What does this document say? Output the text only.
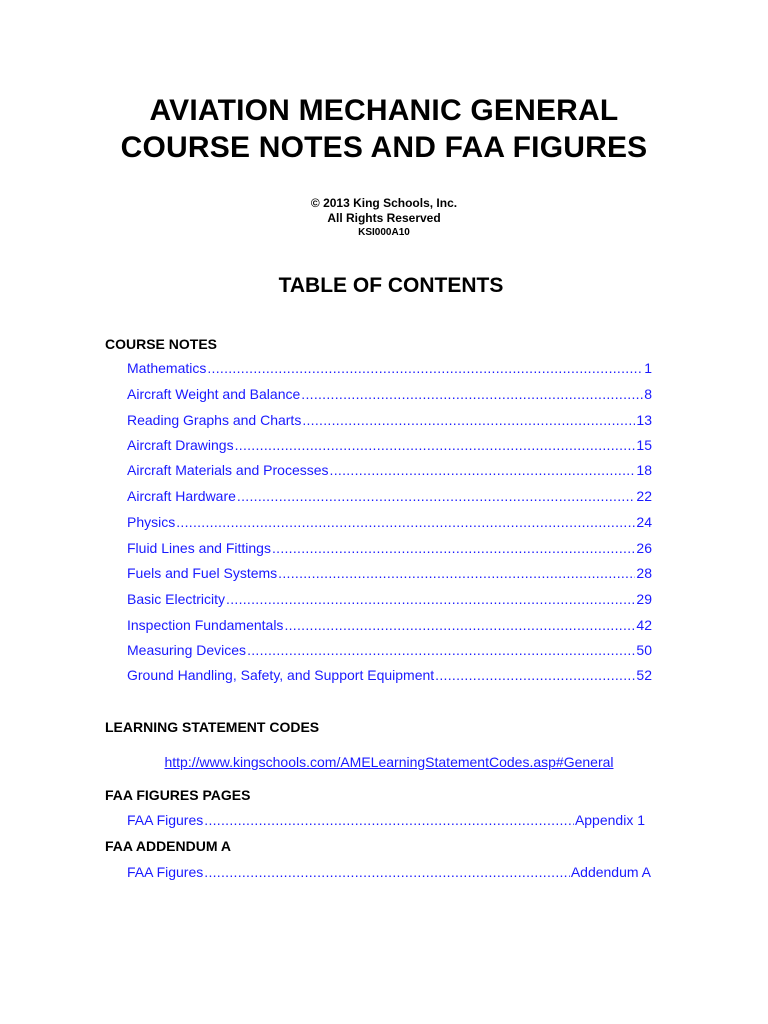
AVIATION MECHANIC GENERAL
COURSE NOTES AND FAA FIGURES
© 2013 King Schools, Inc.
All Rights Reserved
KSI000A10
TABLE OF CONTENTS
COURSE NOTES
Mathematics . . .	1
Aircraft Weight and Balance . . .	8
Reading Graphs and Charts . . .	13
Aircraft Drawings . . .	15
Aircraft Materials and Processes . . .	18
Aircraft Hardware . . .	22
Physics . . .	24
Fluid Lines and Fittings . . .	26
Fuels and Fuel Systems . . .	28
Basic Electricity . . .	29
Inspection Fundamentals . . .	42
Measuring Devices . . .	50
Ground Handling, Safety, and Support Equipment . . .	52
LEARNING STATEMENT CODES
http://www.kingschools.com/AMELearningStatementCodes.asp#General
FAA FIGURES PAGES
FAA Figures . . .	Appendix 1
FAA ADDENDUM A
FAA Figures . . .	Addendum A
